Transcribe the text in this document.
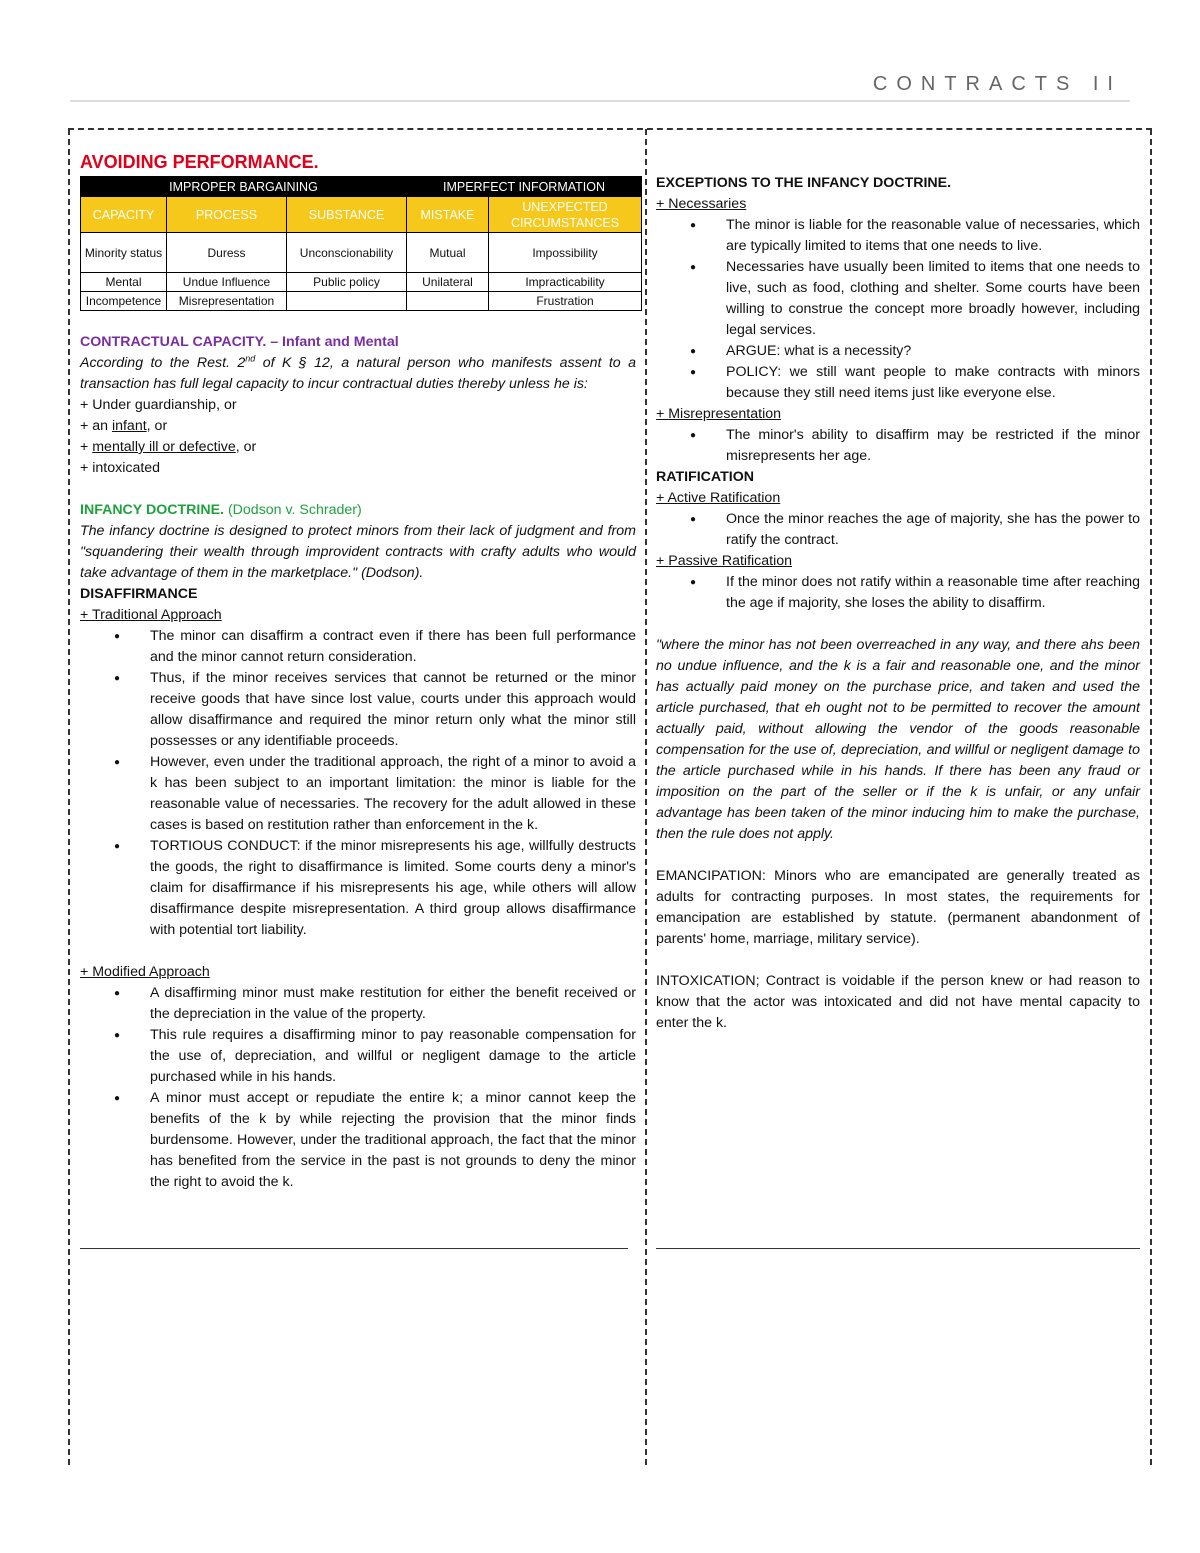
CONTRACTS II
AVOIDING PERFORMANCE.
IMPROPER BARGAINING			IMPERFECT INFORMATION	
CAPACITY	PROCESS	SUBSTANCE	MISTAKE	UNEXPECTED CIRCUMSTANCES
Minority status	Duress	Unconscionability	Mutual	Impossibility
Mental	Undue Influence	Public policy	Unilateral	Impracticability
Incompetence	Misrepresentation			Frustration
CONTRACTUAL CAPACITY. – Infant and Mental
According to the Rest. 2nd of K § 12, a natural person who manifests assent to a transaction has full legal capacity to incur contractual duties thereby unless he is:
+ Under guardianship, or
+ an infant, or
+ mentally ill or defective, or
+ intoxicated
INFANCY DOCTRINE. (Dodson v. Schrader)
The infancy doctrine is designed to protect minors from their lack of judgment and from "squandering their wealth through improvident contracts with crafty adults who would take advantage of them in the marketplace." (Dodson).
DISAFFIRMANCE
+ Traditional Approach
● The minor can disaffirm a contract even if there has been full performance and the minor cannot return consideration.
● Thus, if the minor receives services that cannot be returned or the minor receive goods that have since lost value, courts under this approach would allow disaffirmance and required the minor return only what the minor still possesses or any identifiable proceeds.
● However, even under the traditional approach, the right of a minor to avoid a k has been subject to an important limitation: the minor is liable for the reasonable value of necessaries. The recovery for the adult allowed in these cases is based on restitution rather than enforcement in the k.
● TORTIOUS CONDUCT: if the minor misrepresents his age, willfully destructs the goods, the right to disaffirmance is limited. Some courts deny a minor's claim for disaffirmance if his misrepresents his age, while others will allow disaffirmance despite misrepresentation. A third group allows disaffirmance with potential tort liability.
+ Modified Approach
● A disaffirming minor must make restitution for either the benefit received or the depreciation in the value of the property.
● This rule requires a disaffirming minor to pay reasonable compensation for the use of, depreciation, and willful or negligent damage to the article purchased while in his hands.
● A minor must accept or repudiate the entire k; a minor cannot keep the benefits of the k by while rejecting the provision that the minor finds burdensome. However, under the traditional approach, the fact that the minor has benefited from the service in the past is not grounds to deny the minor the right to avoid the k.
EXCEPTIONS TO THE INFANCY DOCTRINE.
+ Necessaries
● The minor is liable for the reasonable value of necessaries, which are typically limited to items that one needs to live.
● Necessaries have usually been limited to items that one needs to live, such as food, clothing and shelter. Some courts have been willing to construe the concept more broadly however, including legal services.
● ARGUE: what is a necessity?
● POLICY: we still want people to make contracts with minors because they still need items just like everyone else.
+ Misrepresentation
● The minor's ability to disaffirm may be restricted if the minor misrepresents her age.
RATIFICATION
+ Active Ratification
● Once the minor reaches the age of majority, she has the power to ratify the contract.
+ Passive Ratification
● If the minor does not ratify within a reasonable time after reaching the age if majority, she loses the ability to disaffirm.
"where the minor has not been overreached in any way, and there ahs been no undue influence, and the k is a fair and reasonable one, and the minor has actually paid money on the purchase price, and taken and used the article purchased, that eh ought not to be permitted to recover the amount actually paid, without allowing the vendor of the goods reasonable compensation for the use of, depreciation, and willful or negligent damage to the article purchased while in his hands. If there has been any fraud or imposition on the part of the seller or if the k is unfair, or any unfair advantage has been taken of the minor inducing him to make the purchase, then the rule does not apply.
EMANCIPATION: Minors who are emancipated are generally treated as adults for contracting purposes. In most states, the requirements for emancipation are established by statute. (permanent abandonment of parents' home, marriage, military service).
INTOXICATION; Contract is voidable if the person knew or had reason to know that the actor was intoxicated and did not have mental capacity to enter the k.
